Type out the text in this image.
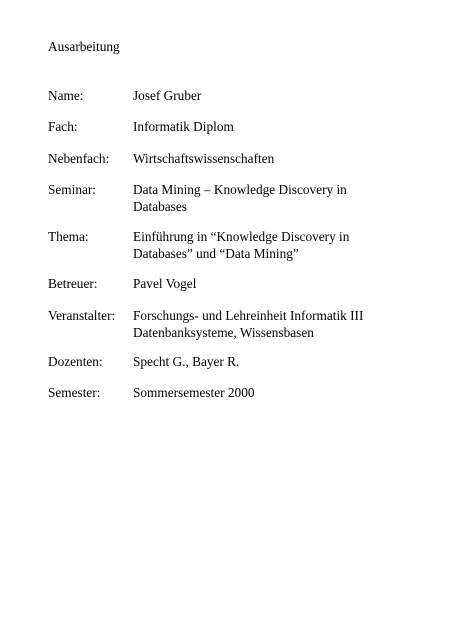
Ausarbeitung
Name:	Josef Gruber
Fach:	Informatik Diplom
Nebenfach: Wirtschaftswissenschaften
Seminar:	Data Mining – Knowledge Discovery in
Databases
Thema:	Einführung in “Knowledge Discovery in
Databases” und “Data Mining”
Betreuer:	Pavel Vogel
Veranstalter: Forschungs- und Lehreinheit Informatik III
Datenbanksysteme, Wissensbasen
Dozenten: Specht G., Bayer R.
Semester: Sommersemester 2000
